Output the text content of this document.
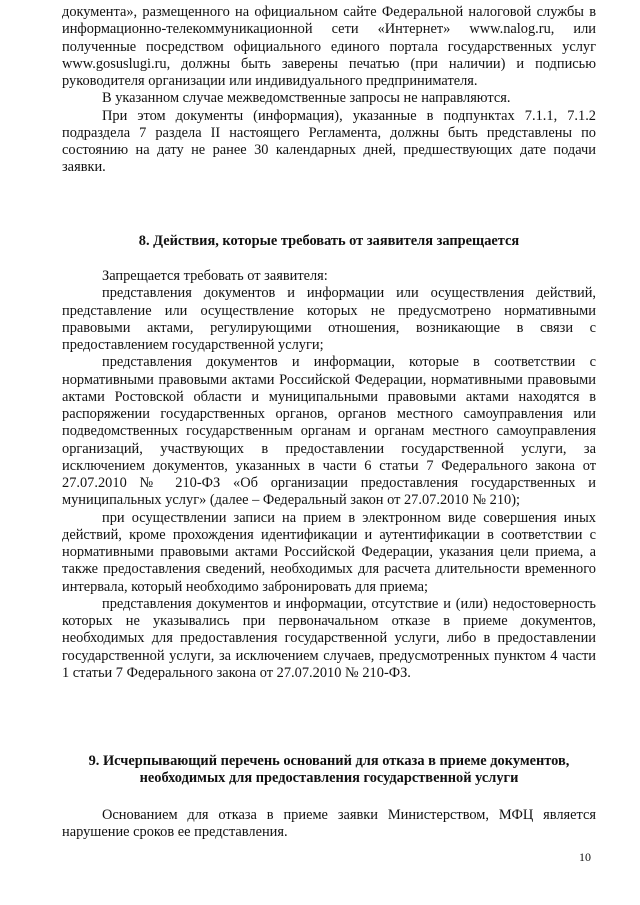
документа», размещенного на официальном сайте Федеральной налоговой службы в информационно-телекоммуникационной сети «Интернет» www.nalog.ru, или полученные посредством официального единого портала государственных услуг www.gosuslugi.ru, должны быть заверены печатью (при наличии) и подписью руководителя организации или индивидуального предпринимателя.

В указанном случае межведомственные запросы не направляются.

При этом документы (информация), указанные в подпунктах 7.1.1, 7.1.2 подраздела 7 раздела II настоящего Регламента, должны быть представлены по состоянию на дату не ранее 30 календарных дней, предшествующих дате подачи заявки.

8. Действия, которые требовать от заявителя запрещается

Запрещается требовать от заявителя:

представления документов и информации или осуществления действий, представление или осуществление которых не предусмотрено нормативными правовыми актами, регулирующими отношения, возникающие в связи с предоставлением государственной услуги;

представления документов и информации, которые в соответствии с нормативными правовыми актами Российской Федерации, нормативными правовыми актами Ростовской области и муниципальными правовыми актами находятся в распоряжении государственных органов, органов местного самоуправления или подведомственных государственным органам и органам местного самоуправления организаций, участвующих в предоставлении государственной услуги, за исключением документов, указанных в части 6 статьи 7 Федерального закона от 27.07.2010 № 210-ФЗ «Об организации предоставления государственных и муниципальных услуг» (далее – Федеральный закон от 27.07.2010 № 210);

при осуществлении записи на прием в электронном виде совершения иных действий, кроме прохождения идентификации и аутентификации в соответствии с нормативными правовыми актами Российской Федерации, указания цели приема, а также предоставления сведений, необходимых для расчета длительности временного интервала, который необходимо забронировать для приема;

представления документов и информации, отсутствие и (или) недостоверность которых не указывались при первоначальном отказе в приеме документов, необходимых для предоставления государственной услуги, либо в предоставлении государственной услуги, за исключением случаев, предусмотренных пунктом 4 части 1 статьи 7 Федерального закона от 27.07.2010 № 210-ФЗ.

9. Исчерпывающий перечень оснований для отказа в приеме документов,
необходимых для предоставления государственной услуги

Основанием для отказа в приеме заявки Министерством, МФЦ является нарушение сроков ее представления.

10
